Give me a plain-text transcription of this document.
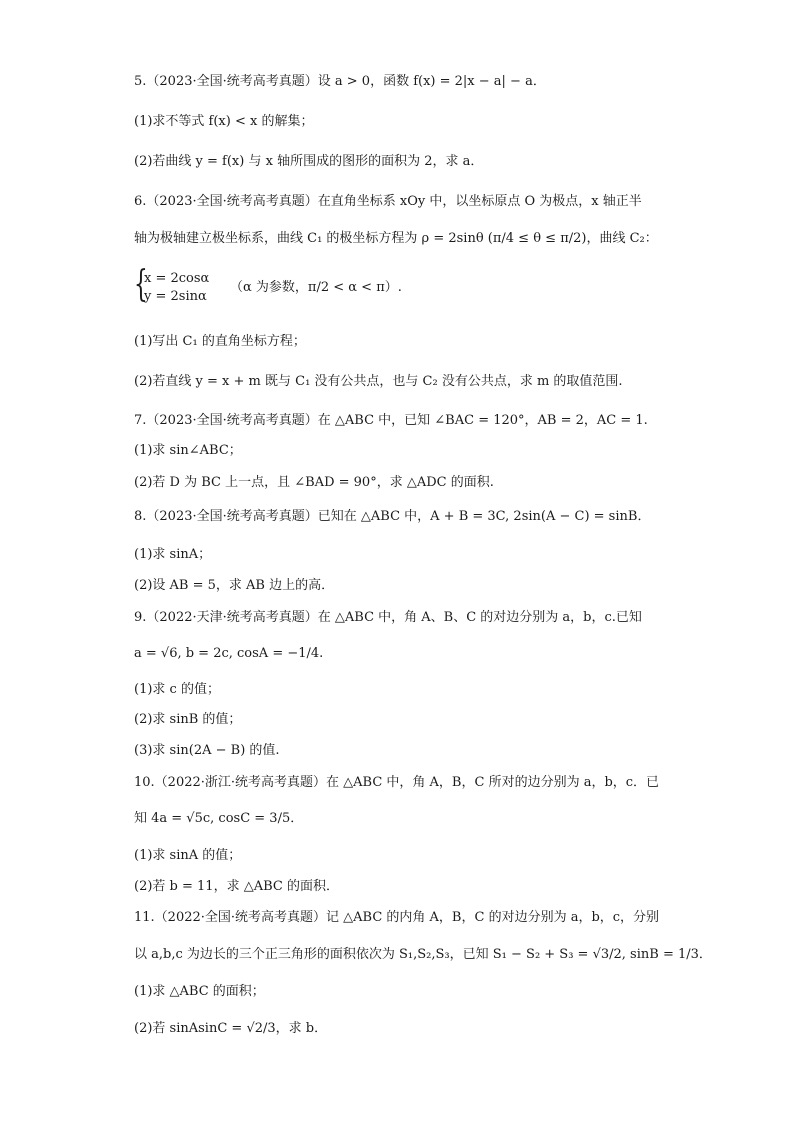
5.（2023·全国·统考高考真题）设 a > 0，函数 f(x) = 2|x − a| − a．
(1)求不等式 f(x) < x 的解集；
(2)若曲线 y = f(x) 与 x 轴所围成的图形的面积为 2，求 a．
6.（2023·全国·统考高考真题）在直角坐标系 xOy 中，以坐标原点 O 为极点，x 轴正半
轴为极轴建立极坐标系，曲线 C₁ 的极坐标方程为 ρ = 2sinθ (π/4 ≤ θ ≤ π/2)，曲线 C₂：
{
x = 2cosα
y = 2sinα
（α 为参数，π/2 < α < π）.
(1)写出 C₁ 的直角坐标方程；
(2)若直线 y = x + m 既与 C₁ 没有公共点，也与 C₂ 没有公共点，求 m 的取值范围.
7.（2023·全国·统考高考真题）在 △ABC 中，已知 ∠BAC = 120°，AB = 2，AC = 1.
(1)求 sin∠ABC；
(2)若 D 为 BC 上一点，且 ∠BAD = 90°，求 △ADC 的面积.
8.（2023·全国·统考高考真题）已知在 △ABC 中，A + B = 3C, 2sin(A − C) = sinB．
(1)求 sinA；
(2)设 AB = 5，求 AB 边上的高．
9.（2022·天津·统考高考真题）在 △ABC 中，角 A、B、C 的对边分别为 a，b，c.已知
a = √6, b = 2c, cosA = −1/4.
(1)求 c 的值；
(2)求 sinB 的值；
(3)求 sin(2A − B) 的值.
10.（2022·浙江·统考高考真题）在 △ABC 中，角 A，B，C 所对的边分别为 a，b，c．已
知 4a = √5c, cosC = 3/5．
(1)求 sinA 的值；
(2)若 b = 11，求 △ABC 的面积．
11.（2022·全国·统考高考真题）记 △ABC 的内角 A，B，C 的对边分别为 a，b，c，分别
以 a,b,c 为边长的三个正三角形的面积依次为 S₁,S₂,S₃，已知 S₁ − S₂ + S₃ = √3/2, sinB = 1/3．
(1)求 △ABC 的面积；
(2)若 sinAsinC = √2/3，求 b．
